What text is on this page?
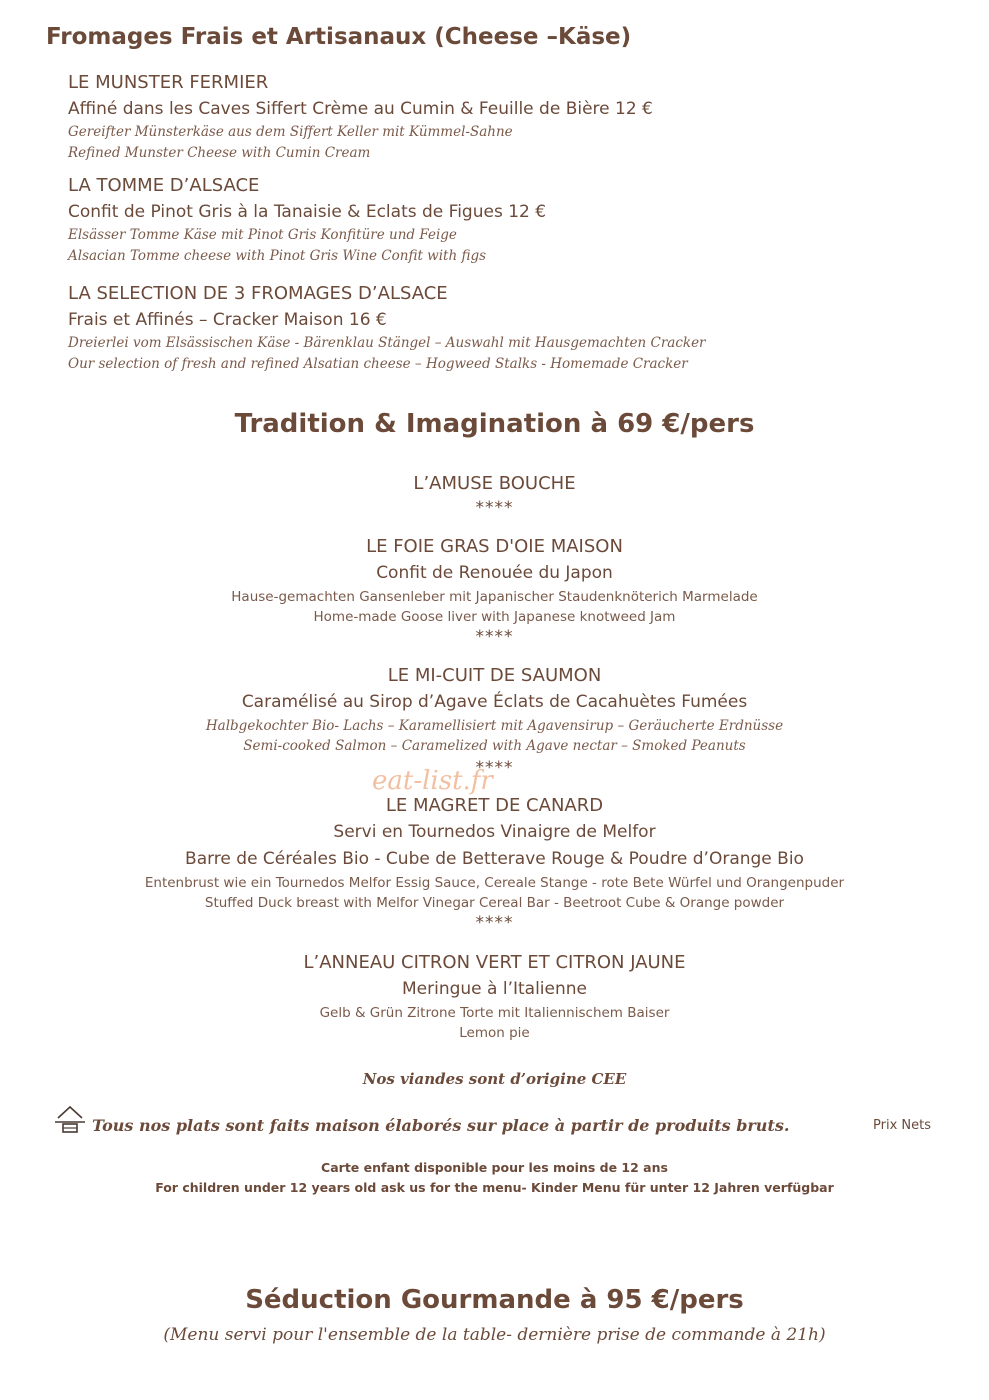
Fromages Frais et Artisanaux (Cheese –Käse)
LE MUNSTER FERMIER
Affiné dans les Caves Siffert Crème au Cumin & Feuille de Bière 12 €
Gereifter Münsterkäse aus dem Siffert Keller mit Kümmel-Sahne
Refined Munster Cheese with Cumin Cream
LA TOMME D’ALSACE
Confit de Pinot Gris à la Tanaisie & Eclats de Figues 12 €
Elsässer Tomme Käse mit Pinot Gris Konfitüre und Feige
Alsacian Tomme cheese with Pinot Gris Wine Confit with figs
LA SELECTION DE 3 FROMAGES D’ALSACE
Frais et Affinés – Cracker Maison 16 €
Dreierlei vom Elsässischen Käse - Bärenklau Stängel – Auswahl mit Hausgemachten Cracker
Our selection of fresh and refined Alsatian cheese – Hogweed Stalks - Homemade Cracker
Tradition & Imagination à 69 €/pers
L’AMUSE BOUCHE
****
LE FOIE GRAS D'OIE MAISON
Confit de Renouée du Japon
Hause-gemachten Gansenleber mit Japanischer Staudenknöterich Marmelade
Home-made Goose liver with Japanese knotweed Jam
****
LE MI-CUIT DE SAUMON
Caramélisé au Sirop d’Agave Éclats de Cacahuètes Fumées
Halbgekochter Bio- Lachs – Karamellisiert mit Agavensirup – Geräucherte Erdnüsse
Semi-cooked Salmon – Caramelized with Agave nectar – Smoked Peanuts
****
LE MAGRET DE CANARD
Servi en Tournedos Vinaigre de Melfor
Barre de Céréales Bio - Cube de Betterave Rouge & Poudre d’Orange Bio
Entenbrust wie ein Tournedos Melfor Essig Sauce, Cereale Stange - rote Bete Würfel und Orangenpuder
Stuffed Duck breast with Melfor Vinegar Cereal Bar - Beetroot Cube & Orange powder
****
L’ANNEAU CITRON VERT ET CITRON JAUNE
Meringue à l’Italienne
Gelb & Grün Zitrone Torte mit Italiennischem Baiser
Lemon pie
Nos viandes sont d’origine CEE
Tous nos plats sont faits maison élaborés sur place à partir de produits bruts.	Prix Nets
Carte enfant disponible pour les moins de 12 ans
For children under 12 years old ask us for the menu- Kinder Menu für unter 12 Jahren verfügbar
Séduction Gourmande à 95 €/pers
(Menu servi pour l'ensemble de la table- dernière prise de commande à 21h)
eat-list.fr
